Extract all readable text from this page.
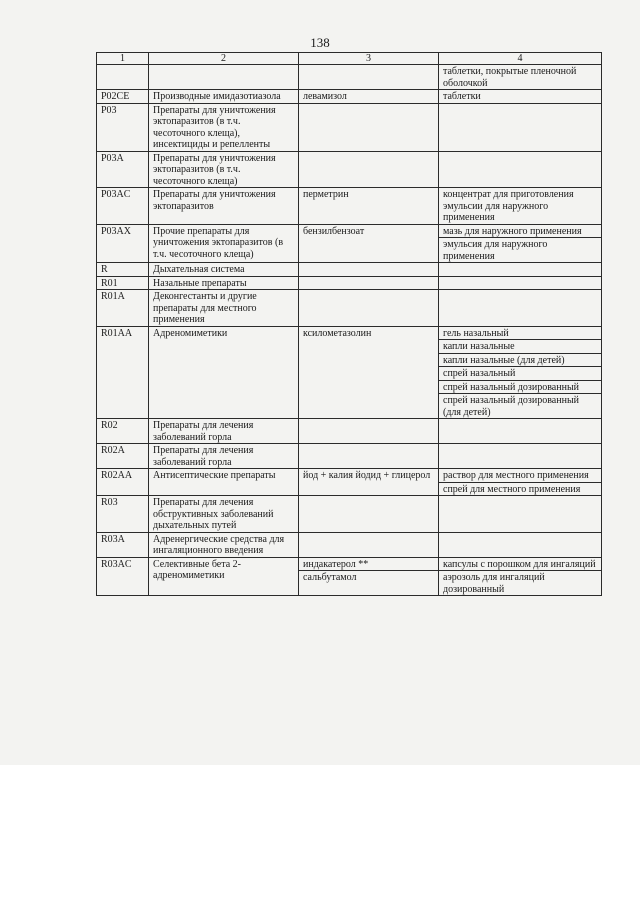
138
1	2	3	4
			таблетки, покрытые пленочной оболочкой
P02CE	Производные имидазотиазола	левамизол	таблетки
P03	Препараты для уничтожения эктопаразитов (в т.ч. чесоточного клеща), инсектициды и репелленты		
P03A	Препараты для уничтожения эктопаразитов (в т.ч. чесоточного клеща)		
P03AC	Препараты для уничтожения эктопаразитов	перметрин	концентрат для приготовления эмульсии для наружного применения
P03AX	Прочие препараты для уничтожения эктопаразитов (в т.ч. чесоточного клеща)	бензилбензоат	мазь для наружного применения
			эмульсия для наружного применения
R	Дыхательная система		
R01	Назальные препараты		
R01A	Деконгестанты и другие препараты для местного применения		
R01AA	Адреномиметики	ксилометазолин	гель назальный
			капли назальные
			капли назальные (для детей)
			спрей назальный
			спрей назальный дозированный
			спрей назальный дозированный (для детей)
R02	Препараты для лечения заболеваний горла		
R02A	Препараты для лечения заболеваний горла		
R02AA	Антисептические препараты	йод + калия йодид + глицерол	раствор для местного применения
			спрей для местного применения
R03	Препараты для лечения обструктивных заболеваний дыхательных путей		
R03A	Адренергические средства для ингаляционного введения		
R03AC	Селективные бета 2-адреномиметики	индакатерол **	капсулы с порошком для ингаляций
		сальбутамол	аэрозоль для ингаляций дозированный
